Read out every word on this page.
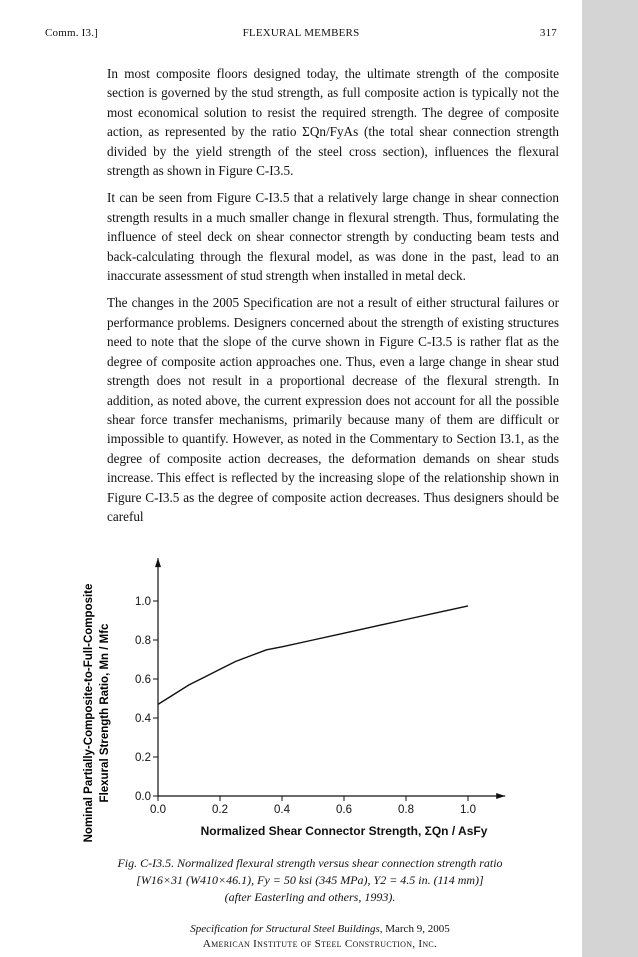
Comm. I3.]	FLEXURAL MEMBERS	317

In most composite floors designed today, the ultimate strength of the composite section is governed by the stud strength, as full composite action is typically not the most economical solution to resist the required strength. The degree of composite action, as represented by the ratio ΣQn/FyAs (the total shear connection strength divided by the yield strength of the steel cross section), influences the flexural strength as shown in Figure C-I3.5.

It can be seen from Figure C-I3.5 that a relatively large change in shear connection strength results in a much smaller change in flexural strength. Thus, formulating the influence of steel deck on shear connector strength by conducting beam tests and back-calculating through the flexural model, as was done in the past, lead to an inaccurate assessment of stud strength when installed in metal deck.

The changes in the 2005 Specification are not a result of either structural failures or performance problems. Designers concerned about the strength of existing structures need to note that the slope of the curve shown in Figure C-I3.5 is rather flat as the degree of composite action approaches one. Thus, even a large change in shear stud strength does not result in a proportional decrease of the flexural strength. In addition, as noted above, the current expression does not account for all the possible shear force transfer mechanisms, primarily because many of them are difficult or impossible to quantify. However, as noted in the Commentary to Section I3.1, as the degree of composite action decreases, the deformation demands on shear studs increase. This effect is reflected by the increasing slope of the relationship shown in Figure C-I3.5 as the degree of composite action decreases. Thus designers should be careful

0.0
0.2
0.4
0.6
0.8
1.0
0.0	0.2	0.4	0.6	0.8	1.0
Nominal Partially-Composite-to-Full-Composite Flexural Strength Ratio, Mn / Mfc
Normalized Shear Connector Strength, ΣQn / AsFy
Fig. C-I3.5. Normalized flexural strength versus shear connection strength ratio
[W16×31 (W410×46.1), Fy = 50 ksi (345 MPa), Y2 = 4.5 in. (114 mm)]
(after Easterling and others, 1993).
Specification for Structural Steel Buildings, March 9, 2005
American Institute of Steel Construction, Inc.
